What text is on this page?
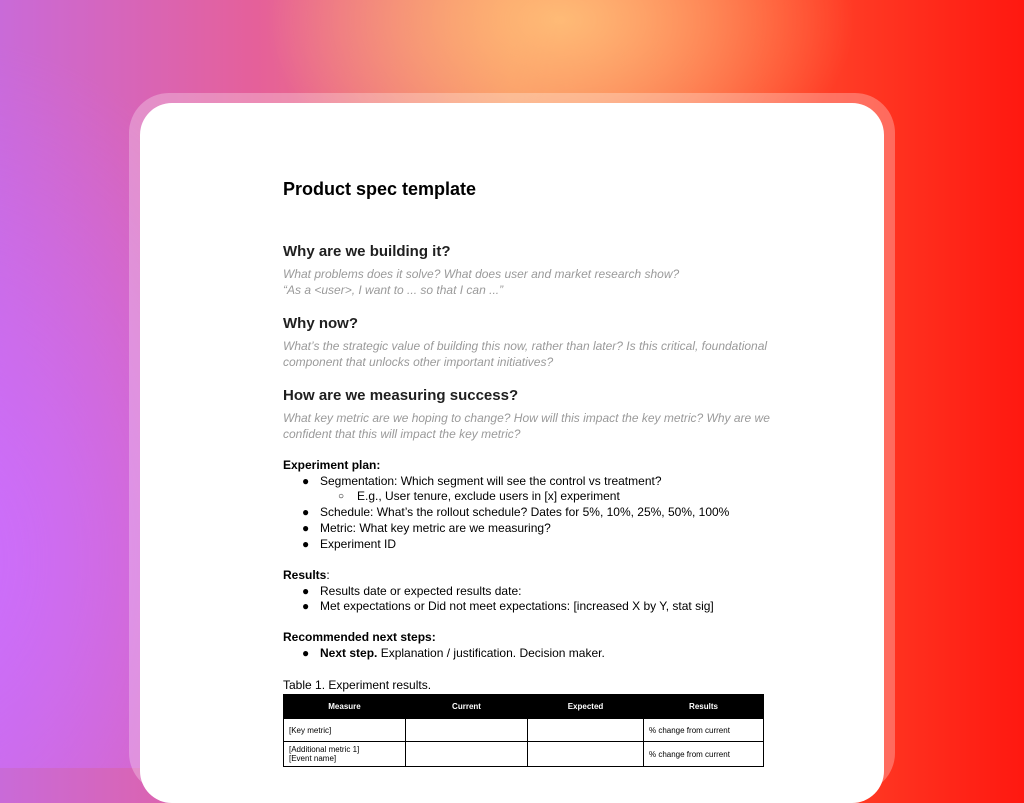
Product spec template
Why are we building it?
What problems does it solve? What does user and market research show?
“As a <user>, I want to ... so that I can ...”
Why now?
What’s the strategic value of building this now, rather than later? Is this critical, foundational
component that unlocks other important initiatives?
How are we measuring success?
What key metric are we hoping to change? How will this impact the key metric? Why are we
confident that this will impact the key metric?
Experiment plan:
● Segmentation: Which segment will see the control vs treatment?
○ E.g., User tenure, exclude users in [x] experiment
● Schedule: What’s the rollout schedule? Dates for 5%, 10%, 25%, 50%, 100%
● Metric: What key metric are we measuring?
● Experiment ID
Results:
● Results date or expected results date:
● Met expectations or Did not meet expectations: [increased X by Y, stat sig]
Recommended next steps:
● Next step. Explanation / justification. Decision maker.
Table 1. Experiment results.
Measure	Current	Expected	Results

[Key metric]			% change from current

[Additional metric 1]
[Event name]			% change from current
